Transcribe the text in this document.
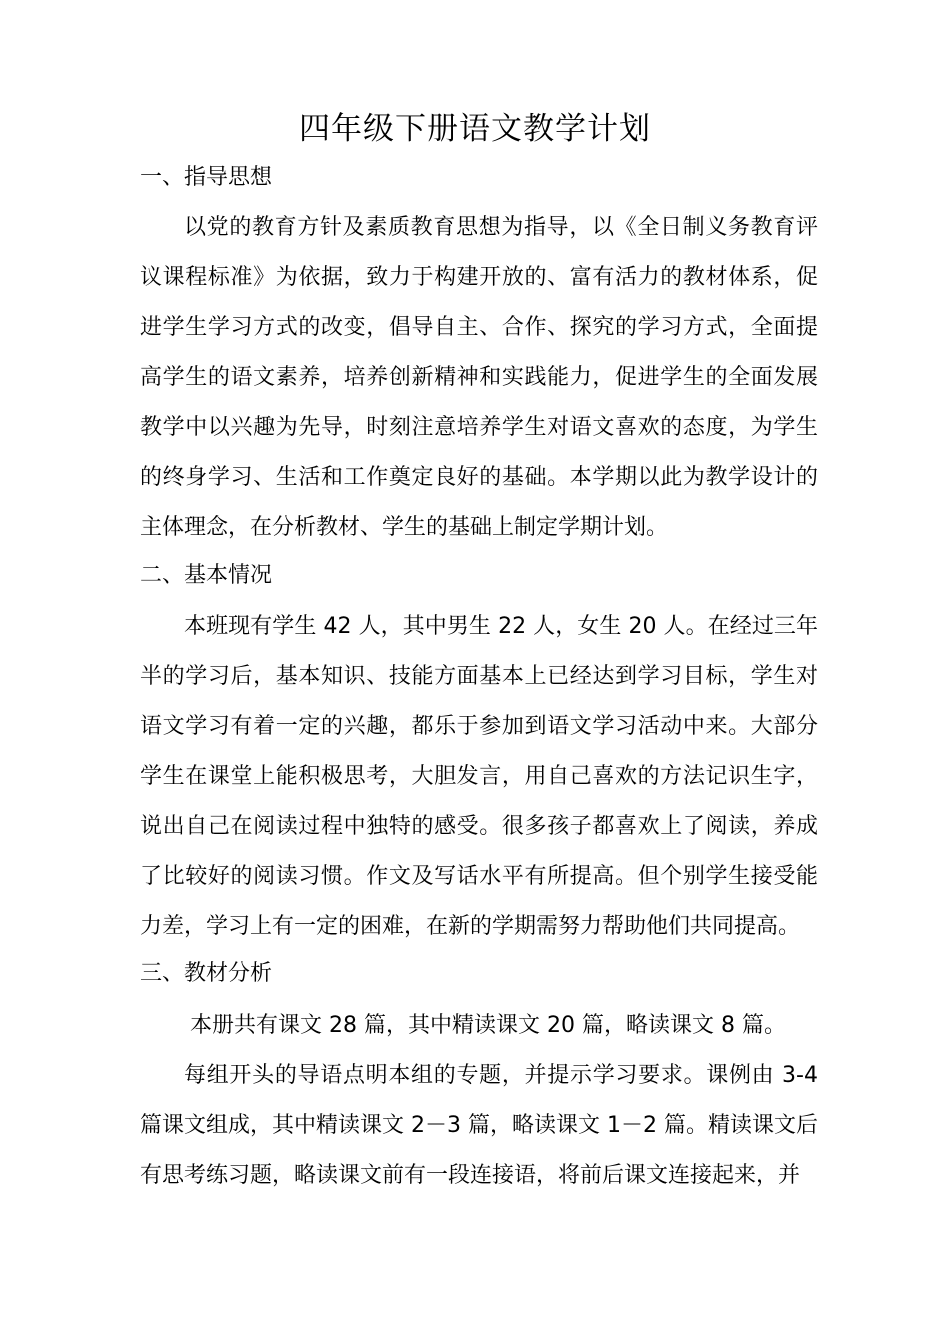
四年级下册语文教学计划
一、指导思想

以党的教育方针及素质教育思想为指导，以《全日制义务教育评议课程标准》为依据，致力于构建开放的、富有活力的教材体系，促进学生学习方式的改变，倡导自主、合作、探究的学习方式，全面提高学生的语文素养，培养创新精神和实践能力，促进学生的全面发展教学中以兴趣为先导，时刻注意培养学生对语文喜欢的态度，为学生的终身学习、生活和工作奠定良好的基础。本学期以此为教学设计的主体理念，在分析教材、学生的基础上制定学期计划。

二、基本情况

本班现有学生 42 人，其中男生 22 人，女生 20 人。在经过三年半的学习后，基本知识、技能方面基本上已经达到学习目标，学生对语文学习有着一定的兴趣，都乐于参加到语文学习活动中来。大部分学生在课堂上能积极思考，大胆发言，用自己喜欢的方法记识生字，说出自己在阅读过程中独特的感受。很多孩子都喜欢上了阅读，养成了比较好的阅读习惯。作文及写话水平有所提高。但个别学生接受能力差，学习上有一定的困难，在新的学期需努力帮助他们共同提高。

三、教材分析

本册共有课文 28 篇，其中精读课文 20 篇，略读课文 8 篇。

每组开头的导语点明本组的专题，并提示学习要求。课例由 3-4 篇课文组成，其中精读课文 2－3 篇，略读课文 1－2 篇。精读课文后有思考练习题，略读课文前有一段连接语，将前后课文连接起来，并
